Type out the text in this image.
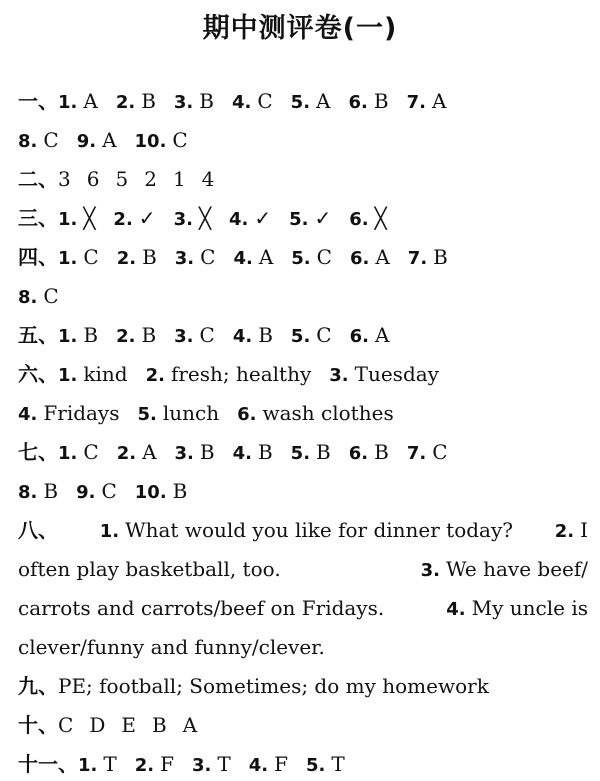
期中测评卷(一)
一、1. A 2. B 3. B 4. C 5. A 6. B 7. A
8. C 9. A 10. C
二、3 6 5 2 1 4
三、1. ╳ 2. ✓ 3. ╳ 4. ✓ 5. ✓ 6. ╳
四、1. C 2. B 3. C 4. A 5. C 6. A 7. B
8. C
五、1. B 2. B 3. C 4. B 5. C 6. A
六、1. kind 2. fresh; healthy 3. Tuesday
4. Fridays 5. lunch 6. wash clothes
七、1. C 2. A 3. B 4. B 5. B 6. B 7. C
8. B 9. C 10. B
八、 1. What would you like for dinner today? 2. I
often play basketball, too.	3. We have beef/
carrots and carrots/beef on Fridays.	4. My uncle is
clever/funny and funny/clever.
九、PE; football; Sometimes; do my homework
十、C D E B A
十一、1. T 2. F 3. T 4. F 5. T
